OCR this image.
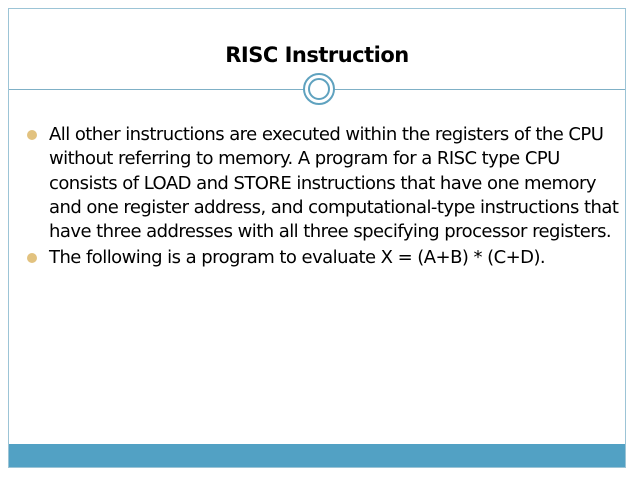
RISC Instruction
All other instructions are executed within the registers of the CPU without referring to memory. A program for a RISC type CPU consists of LOAD and STORE instructions that have one memory and one register address, and computational-type instructions that have three addresses with all three specifying processor registers.
The following is a program to evaluate X = (A+B) * (C+D).
